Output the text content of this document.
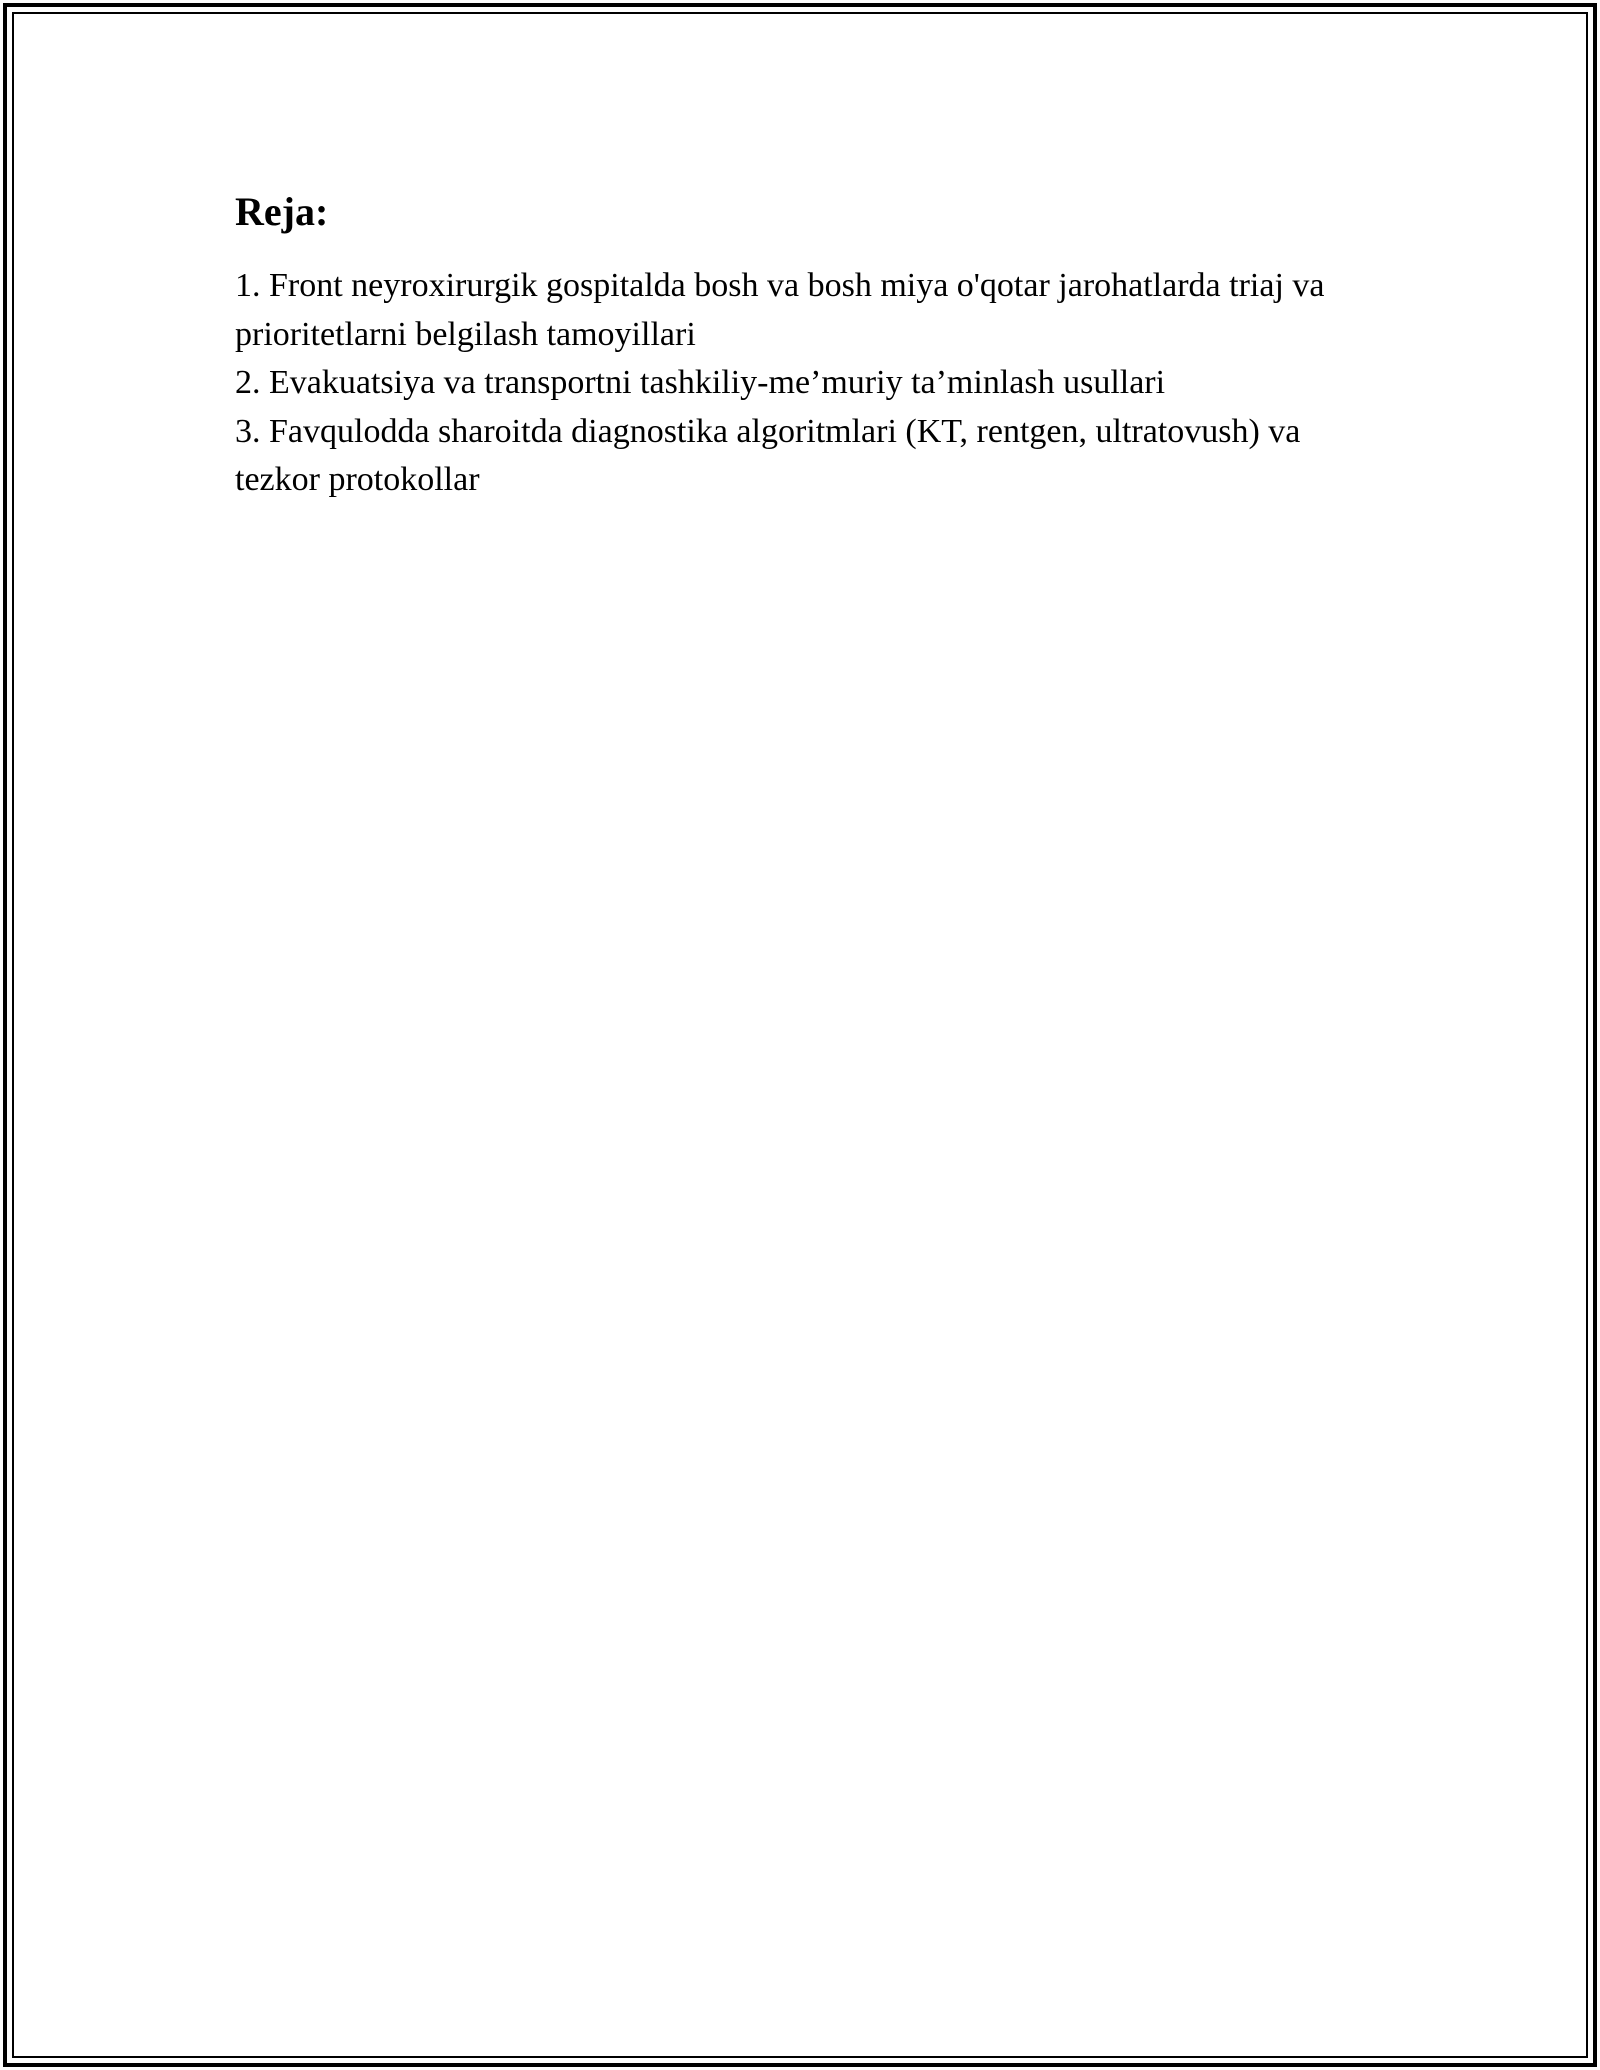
Reja:
1. Front neyroxirurgik gospitalda bosh va bosh miya o'qotar jarohatlarda triaj va prioritetlarni belgilash tamoyillari
2. Evakuatsiya va transportni tashkiliy-me’muriy ta’minlash usullari
3. Favqulodda sharoitda diagnostika algoritmlari (KT, rentgen, ultratovush) va tezkor protokollar
